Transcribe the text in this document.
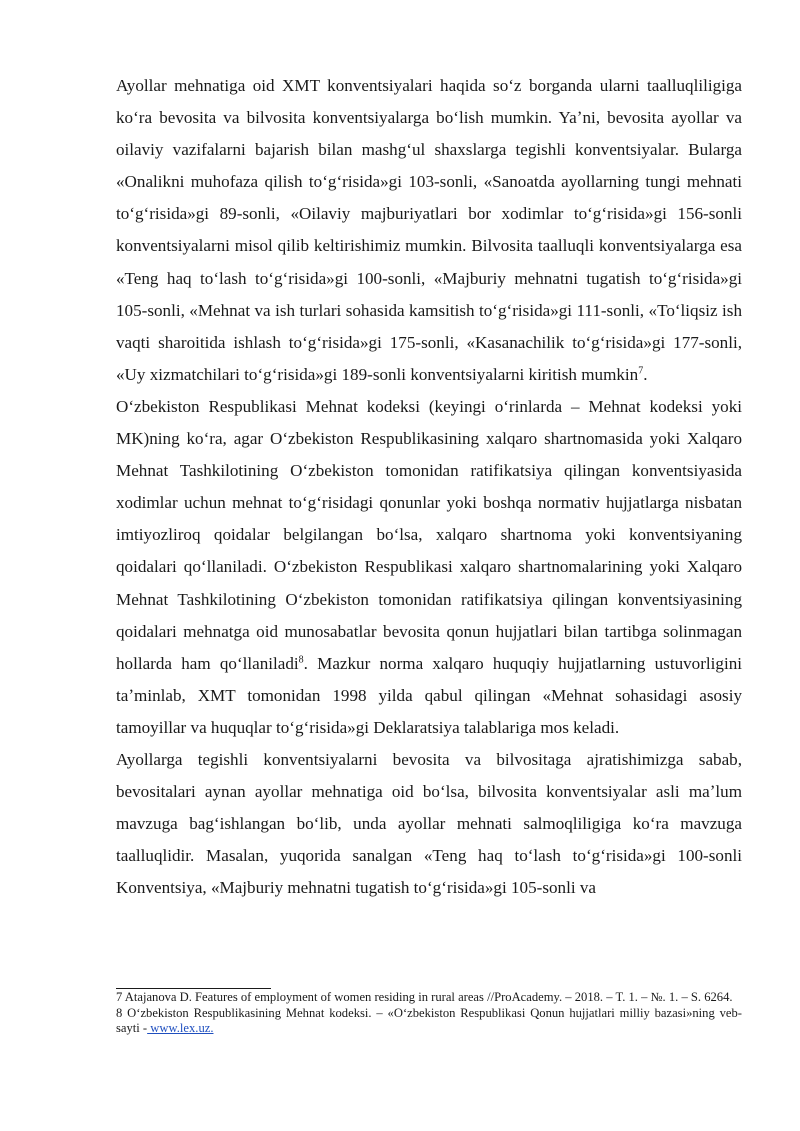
Ayollar mehnatiga oid XMT konventsiyalari haqida soʻz borganda ularni taalluqliligiga koʻra bevosita va bilvosita konventsiyalarga boʻlish mumkin. Yaʼni, bevosita ayollar va oilaviy vazifalarni bajarish bilan mashgʻul shaxslarga tegishli konventsiyalar. Bularga «Onalikni muhofaza qilish toʻgʻrisida»gi 103-sonli, «Sanoatda ayollarning tungi mehnati toʻgʻrisida»gi 89-sonli, «Oilaviy majburiyatlari bor xodimlar toʻgʻrisida»gi 156-sonli konventsiyalarni misol qilib keltirishimiz mumkin. Bilvosita taalluqli konventsiyalarga esa «Teng haq toʻlash toʻgʻrisida»gi 100-sonli, «Majburiy mehnatni tugatish toʻgʻrisida»gi 105-sonli, «Mehnat va ish turlari sohasida kamsitish toʻgʻrisida»gi 111-sonli, «Toʻliqsiz ish vaqti sharoitida ishlash toʻgʻrisida»gi 175-sonli, «Kasanachilik toʻgʻrisida»gi 177-sonli, «Uy xizmatchilari toʻgʻrisida»gi 189-sonli konventsiyalarni kiritish mumkin$^7$.

Oʻzbekiston Respublikasi Mehnat kodeksi (keyingi oʻrinlarda – Mehnat kodeksi yoki MK)ning koʻra, agar Oʻzbekiston Respublikasining xalqaro shartnomasida yoki Xalqaro Mehnat Tashkilotining Oʻzbekiston tomonidan ratifikatsiya qilingan konventsiyasida xodimlar uchun mehnat toʻgʻrisidagi qonunlar yoki boshqa normativ hujjatlarga nisbatan imtiyozliroq qoidalar belgilangan boʻlsa, xalqaro shartnoma yoki konventsiyaning qoidalari qoʻllaniladi. Oʻzbekiston Respublikasi xalqaro shartnomalarining yoki Xalqaro Mehnat Tashkilotining Oʻzbekiston tomonidan ratifikatsiya qilingan konventsiyasining qoidalari mehnatga oid munosabatlar bevosita qonun hujjatlari bilan tartibga solinmagan hollarda ham qoʻllaniladi$^8$. Mazkur norma xalqaro huquqiy hujjatlarning ustuvorligini taʼminlab, XMT tomonidan 1998 yilda qabul qilingan «Mehnat sohasidagi asosiy tamoyillar va huquqlar toʻgʻrisida»gi Deklaratsiya talablariga mos keladi.

Ayollarga tegishli konventsiyalarni bevosita va bilvositaga ajratishimizga sabab, bevositalari aynan ayollar mehnatiga oid boʻlsa, bilvosita konventsiyalar asli maʼlum mavzuga bagʻishlangan boʻlib, unda ayollar mehnati salmoqliligiga koʻra mavzuga taalluqlidir. Masalan, yuqorida sanalgan «Teng haq toʻlash toʻgʻrisida»gi 100-sonli Konventsiya, «Majburiy mehnatni tugatish toʻgʻrisida»gi 105-sonli va

7 Atajanova D. Features of employment of women residing in rural areas //ProAcademy. – 2018. – T. 1. – №. 1. – S. 6264.

8 Oʻzbekiston Respublikasining Mehnat kodeksi. – «Oʻzbekiston Respublikasi Qonun hujjatlari milliy bazasi»ning veb-sayti - www.lex.uz.
